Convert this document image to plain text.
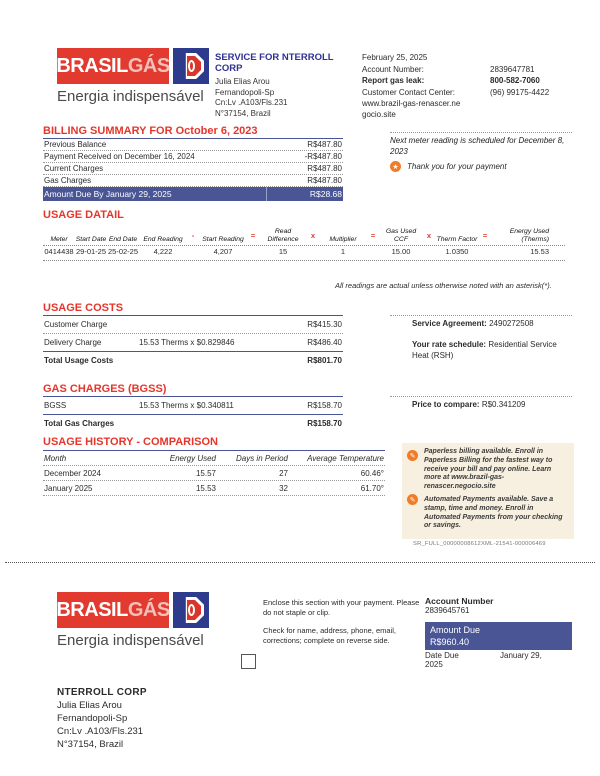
BRASIL GÁS
Energia indispensável
SERVICE FOR NTERROLL CORP
Julia Elias Arou
Fernandopoli-Sp
Cn:Lv .A103/Fls.231
N°37154, Brazil
February 25, 2025
Account Number:	2839647781
Report gas leak:	800-582-7060
Customer Contact Center:	(96) 99175-4422
www.brazil-gas-renascer.negocio.site
BILLING SUMMARY FOR October 6, 2023
Previous Balance	R$487.80
Payment Received on December 16, 2024	-R$487.80
Current Charges	R$487.80
Gas Charges	R$487.80
Amount Due By January 29, 2025	R$28.68
Next meter reading is scheduled for December 8, 2023
★ Thank you for your payment
USAGE DATAIL
Meter	Start Date End Date End Reading	-	Start Reading =	Read Difference	x	Multiplier	=	Gas Used CCF	x Therm Factor =	Energy Used (Therms)
0414438 29-01-25 25-02-25	4,222	4,207	15	1	15.00	1.0350	15.53
All readings are actual unless otherwise noted with an asterisk(*).
USAGE COSTS
Customer Charge	R$415.30
Delivery Charge	15.53 Therms x $0.829846	R$486.40
Total Usage Costs	R$801.70
Service Agreement: 2490272508
Your rate schedule: Residential Service
Heat (RSH)
GAS CHARGES (BGSS)
BGSS	15.53 Therms x $0.340811	R$158.70
Total Gas Charges	R$158.70
Price to compare: R$0.341209
USAGE HISTORY - COMPARISON
Month	Energy Used	Days in Period	Average Temperature
December 2024	15.57	27	60.46°
January 2025	15.53	32	61.70°
✎
Paperless billing available. Enroll in Paperless Billing for the fastest way to receive your bill and pay online. Learn more at www.brazil-gas-renascer.negocio.site
✎	Automated Payments available. Save a stamp, time and money. Enroll in Automated Payments from your checking or savings.
SR_FULL_00000008612XML-21541-000006469
BRASIL GÁS
Energia indispensável

Enclose this section with your payment. Please do not staple or clip.

Check for name, address, phone, email, corrections; complete on reverse side.

Account Number
2839645761
Amount Due
R$960.40
Date Due	January 29,
2025
NTERROLL CORP
Julia Elias Arou
Fernandopoli-Sp
Cn:Lv .A103/Fls.231
N°37154, Brazil
